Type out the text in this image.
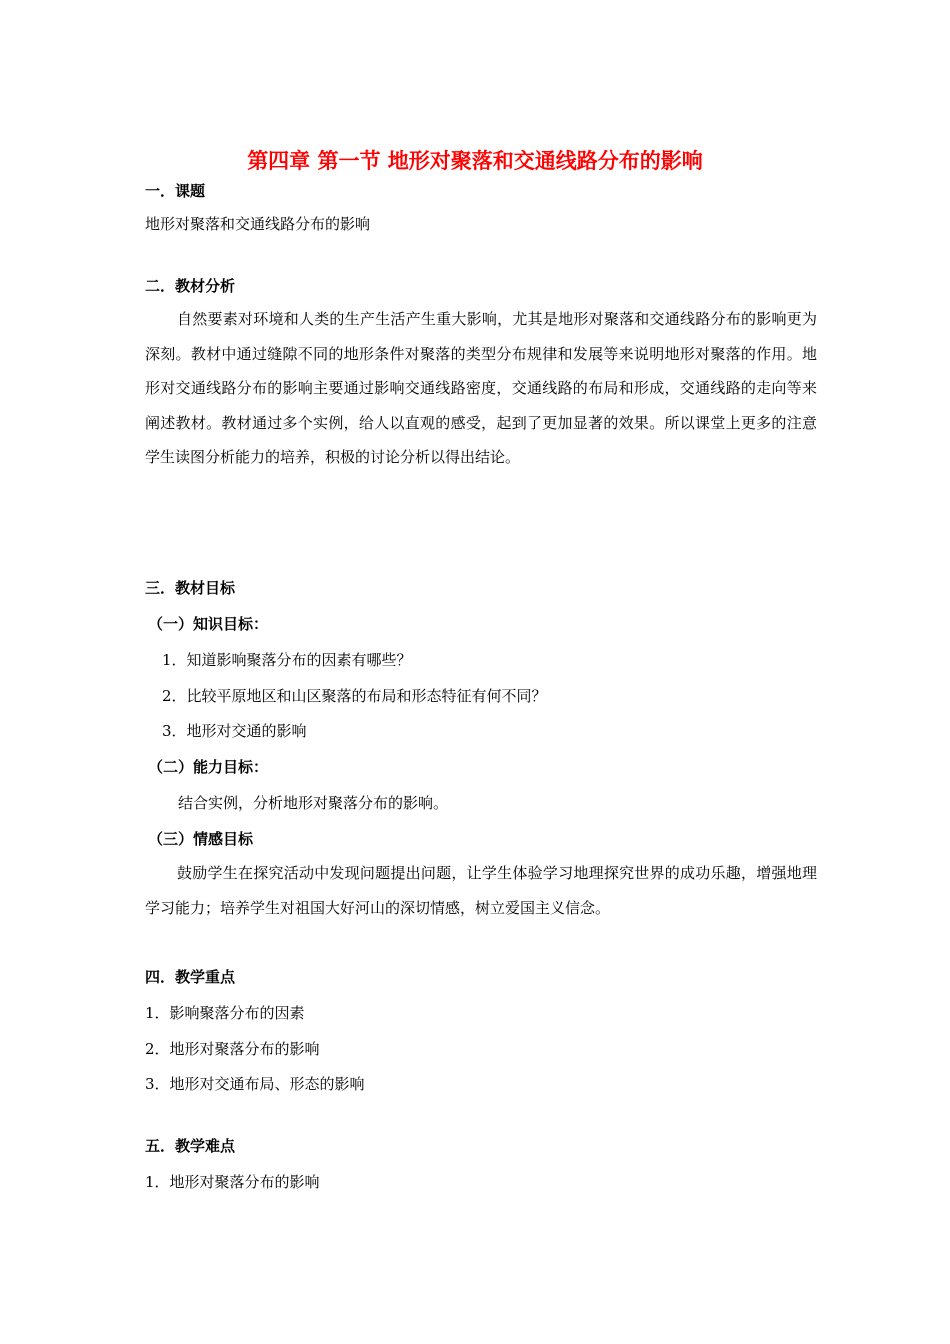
第四章 第一节 地形对聚落和交通线路分布的影响
一．课题
地形对聚落和交通线路分布的影响
二．教材分析
自然要素对环境和人类的生产生活产生重大影响，尤其是地形对聚落和交通线路分布的影响更为深刻。教材中通过缝隙不同的地形条件对聚落的类型分布规律和发展等来说明地形对聚落的作用。地形对交通线路分布的影响主要通过影响交通线路密度，交通线路的布局和形成，交通线路的走向等来阐述教材。教材通过多个实例，给人以直观的感受，起到了更加显著的效果。所以课堂上更多的注意学生读图分析能力的培养，积极的讨论分析以得出结论。
三．教材目标
（一）知识目标：
1．知道影响聚落分布的因素有哪些？
2．比较平原地区和山区聚落的布局和形态特征有何不同？
3．地形对交通的影响
（二）能力目标：
结合实例，分析地形对聚落分布的影响。
（三）情感目标
鼓励学生在探究活动中发现问题提出问题，让学生体验学习地理探究世界的成功乐趣，增强地理学习能力；培养学生对祖国大好河山的深切情感，树立爱国主义信念。
四．教学重点
1．影响聚落分布的因素
2．地形对聚落分布的影响
3．地形对交通布局、形态的影响
五．教学难点
1．地形对聚落分布的影响
